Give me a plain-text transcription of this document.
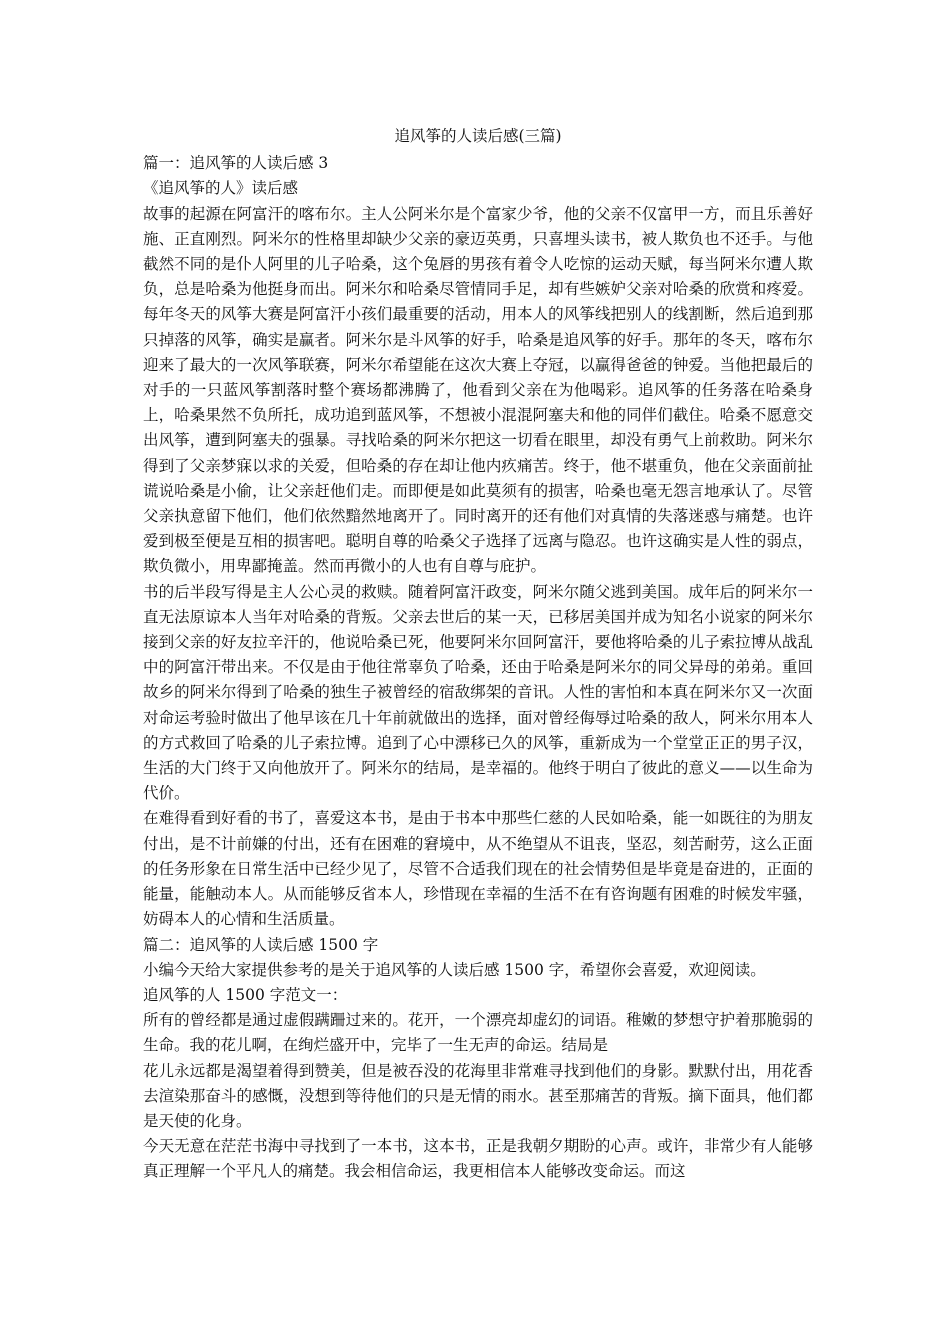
追风筝的人读后感(三篇)

篇一：追风筝的人读后感 3

《追风筝的人》读后感

故事的起源在阿富汗的喀布尔。主人公阿米尔是个富家少爷，他的父亲不仅富甲一方，而且乐善好施、正直刚烈。阿米尔的性格里却缺少父亲的豪迈英勇，只喜埋头读书，被人欺负也不还手。与他截然不同的是仆人阿里的儿子哈桑，这个兔唇的男孩有着令人吃惊的运动天赋，每当阿米尔遭人欺负，总是哈桑为他挺身而出。阿米尔和哈桑尽管情同手足，却有些嫉妒父亲对哈桑的欣赏和疼爱。每年冬天的风筝大赛是阿富汗小孩们最重要的活动，用本人的风筝线把别人的线割断，然后追到那只掉落的风筝，确实是赢者。阿米尔是斗风筝的好手，哈桑是追风筝的好手。那年的冬天，喀布尔迎来了最大的一次风筝联赛，阿米尔希望能在这次大赛上夺冠，以赢得爸爸的钟爱。当他把最后的对手的一只蓝风筝割落时整个赛场都沸腾了，他看到父亲在为他喝彩。追风筝的任务落在哈桑身上，哈桑果然不负所托，成功追到蓝风筝，不想被小混混阿塞夫和他的同伴们截住。哈桑不愿意交出风筝，遭到阿塞夫的强暴。寻找哈桑的阿米尔把这一切看在眼里，却没有勇气上前救助。阿米尔得到了父亲梦寐以求的关爱，但哈桑的存在却让他内疚痛苦。终于，他不堪重负，他在父亲面前扯谎说哈桑是小偷，让父亲赶他们走。而即便是如此莫须有的损害，哈桑也毫无怨言地承认了。尽管父亲执意留下他们，他们依然黯然地离开了。同时离开的还有他们对真情的失落迷惑与痛楚。也许爱到极至便是互相的损害吧。聪明自尊的哈桑父子选择了远离与隐忍。也许这确实是人性的弱点，欺负微小，用卑鄙掩盖。然而再微小的人也有自尊与庇护。

书的后半段写得是主人公心灵的救赎。随着阿富汗政变，阿米尔随父逃到美国。成年后的阿米尔一直无法原谅本人当年对哈桑的背叛。父亲去世后的某一天，已移居美国并成为知名小说家的阿米尔接到父亲的好友拉辛汗的，他说哈桑已死，他要阿米尔回阿富汗，要他将哈桑的儿子索拉博从战乱中的阿富汗带出来。不仅是由于他往常辜负了哈桑，还由于哈桑是阿米尔的同父异母的弟弟。重回故乡的阿米尔得到了哈桑的独生子被曾经的宿敌绑架的音讯。人性的害怕和本真在阿米尔又一次面对命运考验时做出了他早该在几十年前就做出的选择，面对曾经侮辱过哈桑的敌人，阿米尔用本人的方式救回了哈桑的儿子索拉博。追到了心中漂移已久的风筝，重新成为一个堂堂正正的男子汉，生活的大门终于又向他放开了。阿米尔的结局，是幸福的。他终于明白了彼此的意义——以生命为代价。

在难得看到好看的书了，喜爱这本书，是由于书本中那些仁慈的人民如哈桑，能一如既往的为朋友付出，是不计前嫌的付出，还有在困难的窘境中，从不绝望从不诅丧，坚忍，刻苦耐劳，这么正面的任务形象在日常生活中已经少见了，尽管不合适我们现在的社会情势但是毕竟是奋进的，正面的能量，能触动本人。从而能够反省本人，珍惜现在幸福的生活不在有咨询题有困难的时候发牢骚，妨碍本人的心情和生活质量。

篇二：追风筝的人读后感 1500 字

小编今天给大家提供参考的是关于追风筝的人读后感 1500 字，希望你会喜爱，欢迎阅读。

追风筝的人 1500 字范文一：

所有的曾经都是通过虚假蹒跚过来的。花开，一个漂亮却虚幻的词语。稚嫩的梦想守护着那脆弱的生命。我的花儿啊，在绚烂盛开中，完毕了一生无声的命运。结局是

花儿永远都是渴望着得到赞美，但是被吞没的花海里非常难寻找到他们的身影。默默付出，用花香去渲染那奋斗的感慨，没想到等待他们的只是无情的雨水。甚至那痛苦的背叛。摘下面具，他们都是天使的化身。

今天无意在茫茫书海中寻找到了一本书，这本书，正是我朝夕期盼的心声。或许，非常少有人能够真正理解一个平凡人的痛楚。我会相信命运，我更相信本人能够改变命运。而这
